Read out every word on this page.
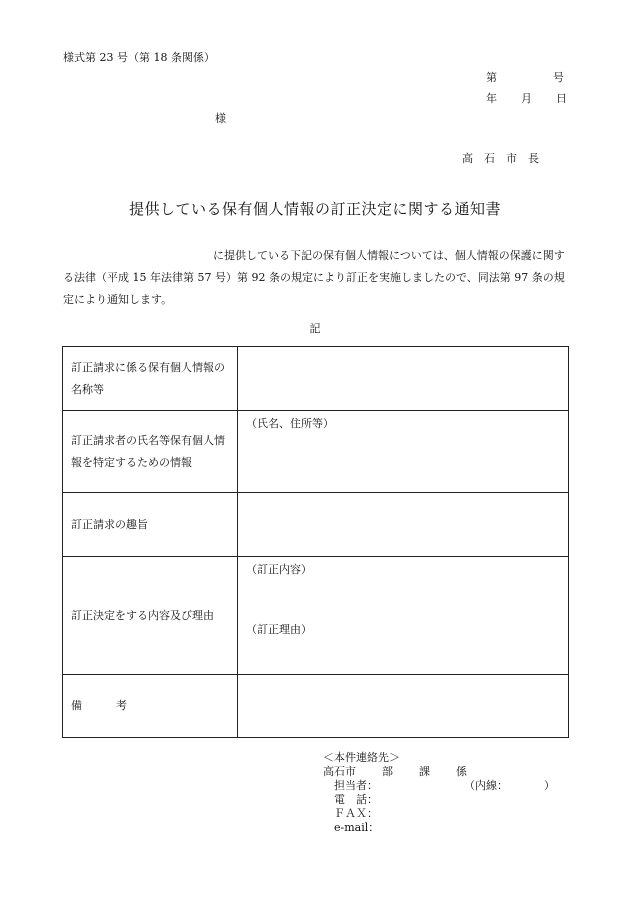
様式第 23 号（第 18 条関係）
第	号
年 月 日
様
高石市長
提供している保有個人情報の訂正決定に関する通知書
に提供している下記の保有個人情報については、個人情報の保護に関する法律（平成 15 年法律第 57 号）第 92 条の規定により訂正を実施しましたので、同法第 97 条の規定により通知します。
記
訂正請求に係る保有個人情報の名称等	
訂正請求者の氏名等保有個人情報を特定するための情報	（氏名、住所等）
訂正請求の趣旨	
訂正決定をする内容及び理由	（訂正内容）
（訂正理由）

備考	
＜本件連絡先＞
高石市 部 課 係
担当者：	（内線：	）
電　話：
ＦＡＸ：
e-mail：
